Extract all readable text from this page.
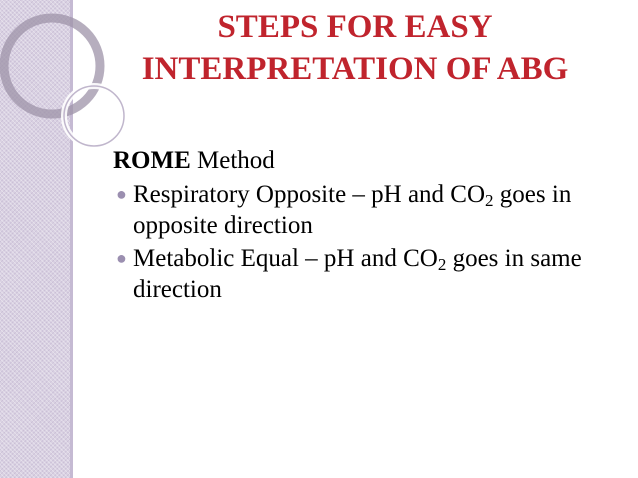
STEPS FOR EASY
INTERPRETATION OF ABG

ROME Method

● Respiratory Opposite – pH and $CO_2$ goes in opposite direction

● Metabolic Equal – pH and $CO_2$ goes in same direction
